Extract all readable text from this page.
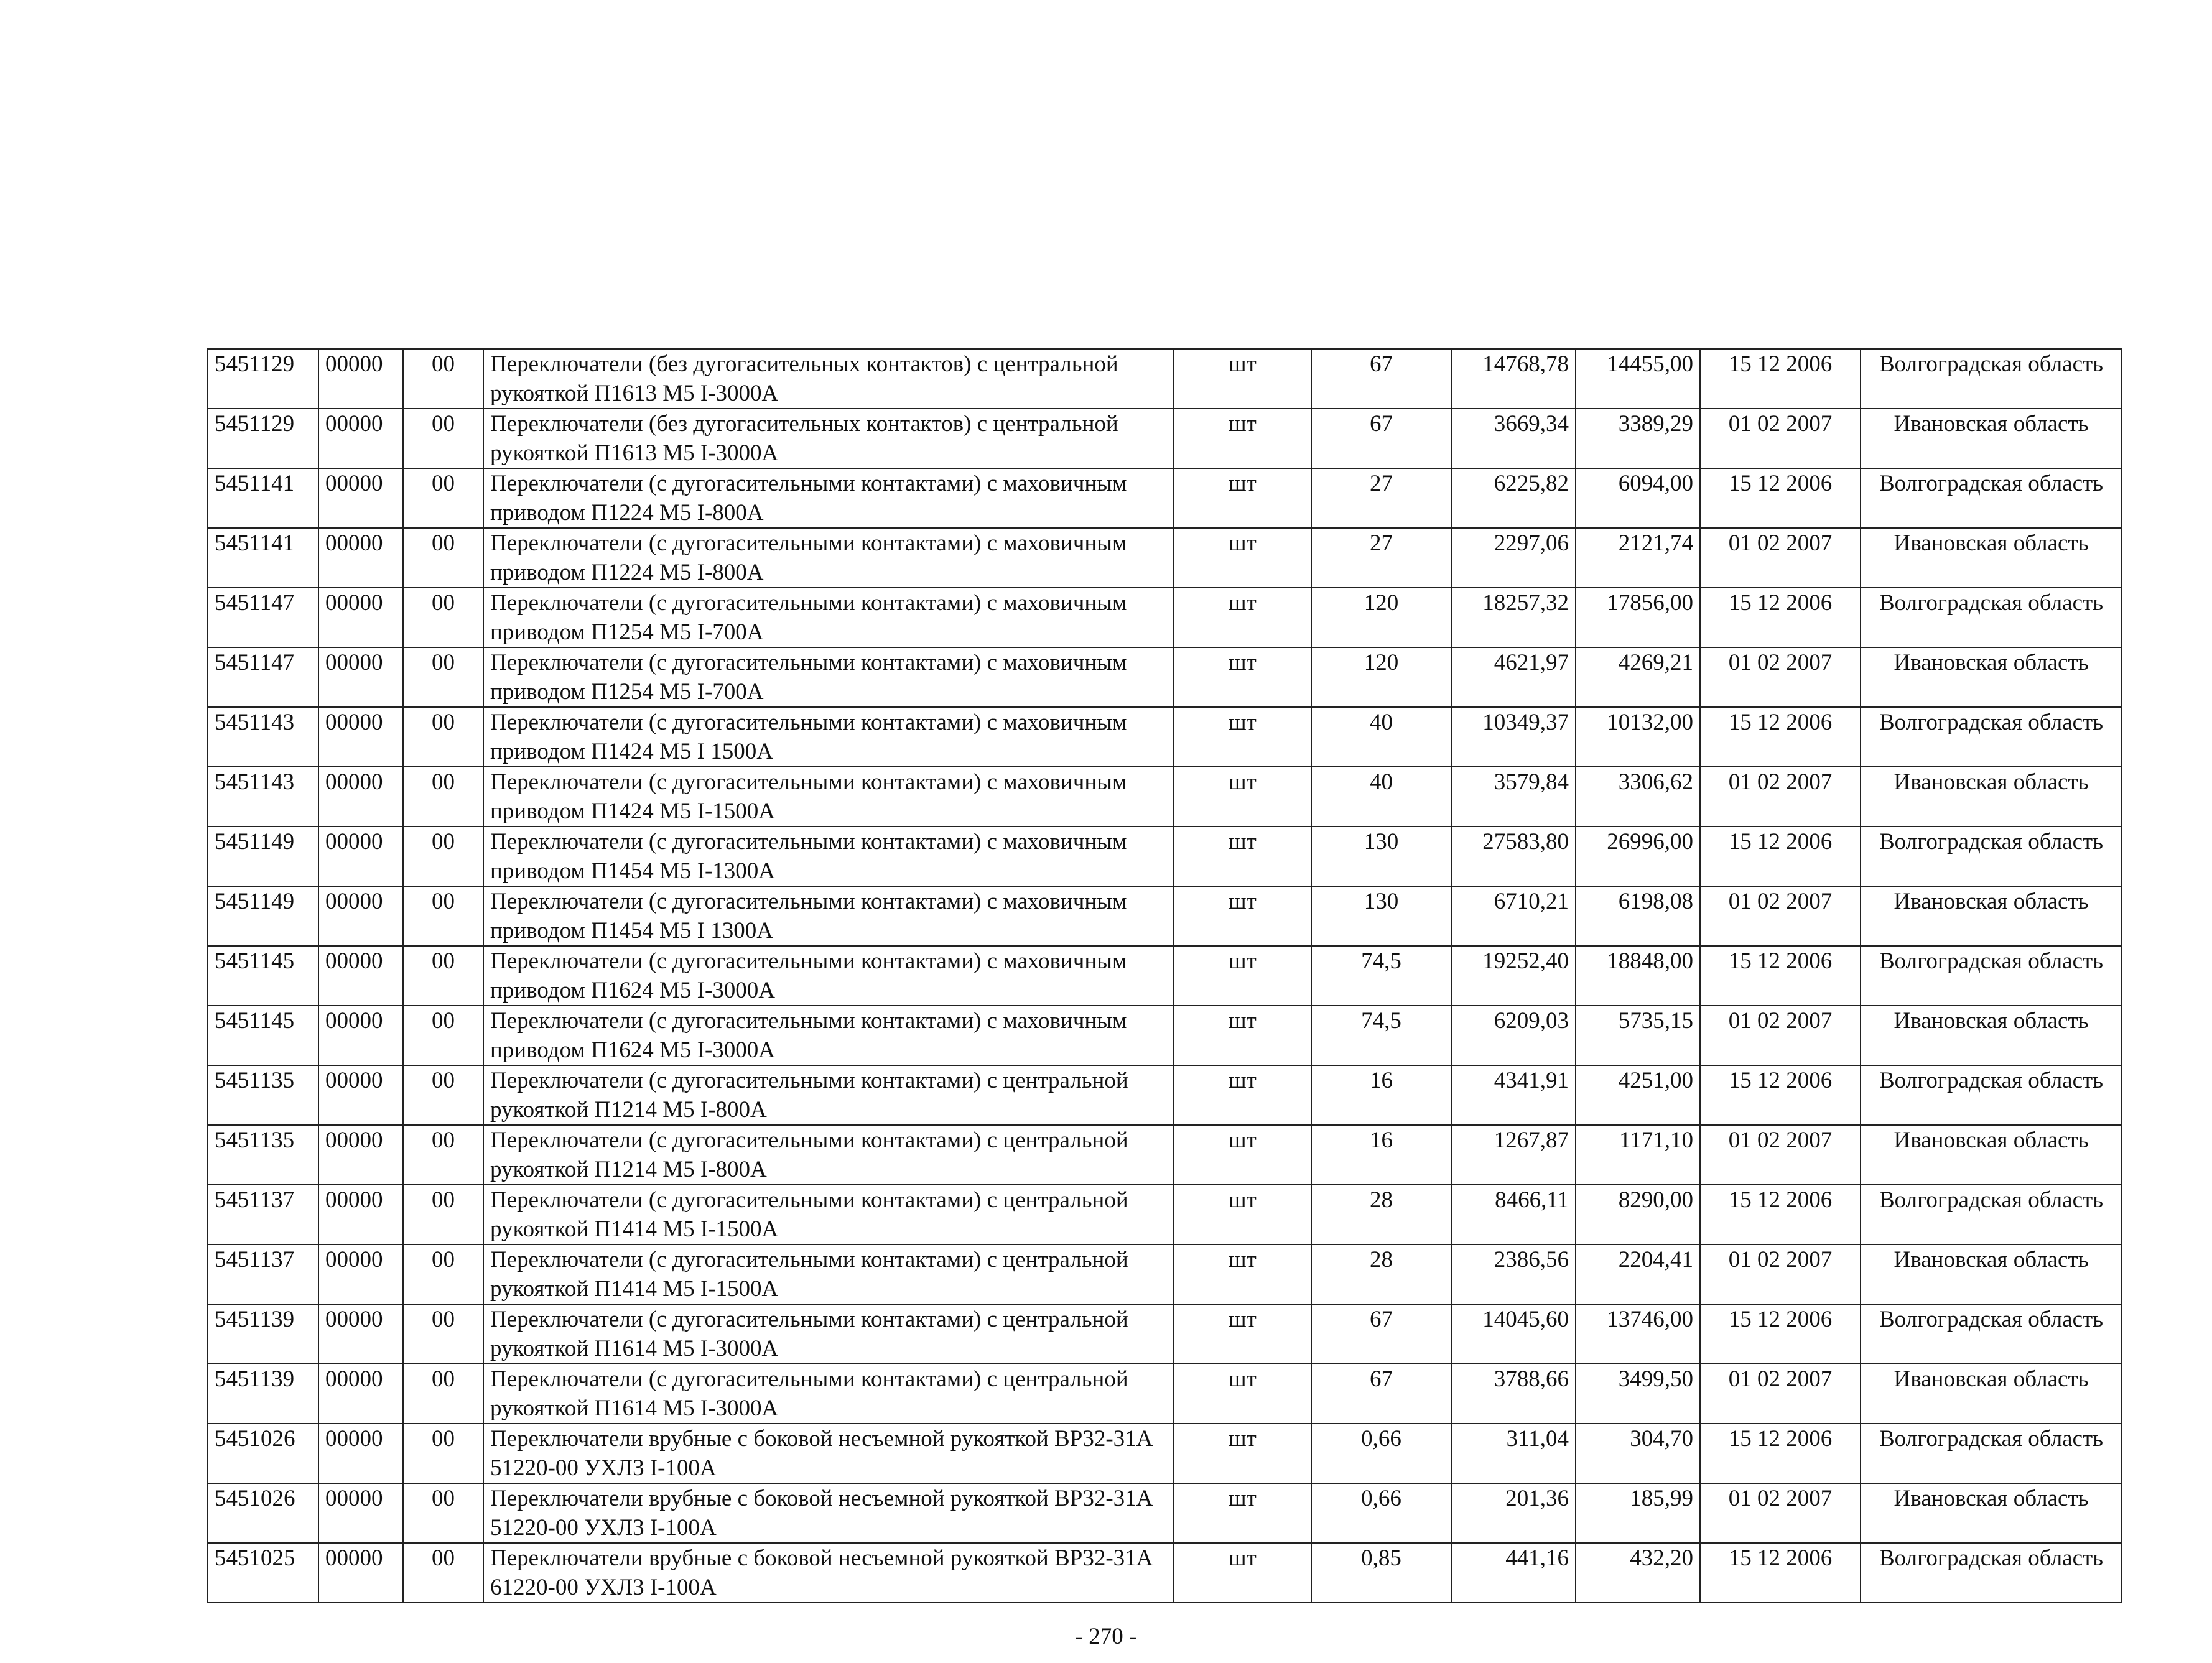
5451129	00000	00	Переключатели (без дугогасительных контактов) с центральной рукояткой П1613 М5 I-3000А	шт	67	14768,78	14455,00	15 12 2006	Волгоградская область
5451129	00000	00	Переключатели (без дугогасительных контактов) с центральной рукояткой П1613 М5 I-3000А	шт	67	3669,34	3389,29	01 02 2007	Ивановская область
5451141	00000	00	Переключатели (с дугогасительными контактами) с маховичным приводом П1224 М5 I-800А	шт	27	6225,82	6094,00	15 12 2006	Волгоградская область
5451141	00000	00	Переключатели (с дугогасительными контактами) с маховичным приводом П1224 М5 I-800А	шт	27	2297,06	2121,74	01 02 2007	Ивановская область
5451147	00000	00	Переключатели (с дугогасительными контактами) с маховичным приводом П1254 М5 I-700А	шт	120	18257,32	17856,00	15 12 2006	Волгоградская область
5451147	00000	00	Переключатели (с дугогасительными контактами) с маховичным приводом П1254 М5 I-700А	шт	120	4621,97	4269,21	01 02 2007	Ивановская область
5451143	00000	00	Переключатели (с дугогасительными контактами) с маховичным приводом П1424 М5 I 1500А	шт	40	10349,37	10132,00	15 12 2006	Волгоградская область
5451143	00000	00	Переключатели (с дугогасительными контактами) с маховичным приводом П1424 М5 I-1500А	шт	40	3579,84	3306,62	01 02 2007	Ивановская область
5451149	00000	00	Переключатели (с дугогасительными контактами) с маховичным приводом П1454 М5 I-1300А	шт	130	27583,80	26996,00	15 12 2006	Волгоградская область
5451149	00000	00	Переключатели (с дугогасительными контактами) с маховичным приводом П1454 М5 I 1300А	шт	130	6710,21	6198,08	01 02 2007	Ивановская область
5451145	00000	00	Переключатели (с дугогасительными контактами) с маховичным приводом П1624 М5 I-3000А	шт	74,5	19252,40	18848,00	15 12 2006	Волгоградская область
5451145	00000	00	Переключатели (с дугогасительными контактами) с маховичным приводом П1624 М5 I-3000А	шт	74,5	6209,03	5735,15	01 02 2007	Ивановская область
5451135	00000	00	Переключатели (с дугогасительными контактами) с центральной рукояткой П1214 М5 I-800А	шт	16	4341,91	4251,00	15 12 2006	Волгоградская область
5451135	00000	00	Переключатели (с дугогасительными контактами) с центральной рукояткой П1214 М5 I-800А	шт	16	1267,87	1171,10	01 02 2007	Ивановская область
5451137	00000	00	Переключатели (с дугогасительными контактами) с центральной рукояткой П1414 М5 I-1500А	шт	28	8466,11	8290,00	15 12 2006	Волгоградская область
5451137	00000	00	Переключатели (с дугогасительными контактами) с центральной рукояткой П1414 М5 I-1500А	шт	28	2386,56	2204,41	01 02 2007	Ивановская область
5451139	00000	00	Переключатели (с дугогасительными контактами) с центральной рукояткой П1614 М5 I-3000А	шт	67	14045,60	13746,00	15 12 2006	Волгоградская область
5451139	00000	00	Переключатели (с дугогасительными контактами) с центральной рукояткой П1614 М5 I-3000А	шт	67	3788,66	3499,50	01 02 2007	Ивановская область
5451026	00000	00	Переключатели врубные с боковой несъемной рукояткой ВР32-31А 51220-00 УХЛ3 I-100А	шт	0,66	311,04	304,70	15 12 2006	Волгоградская область
5451026	00000	00	Переключатели врубные с боковой несъемной рукояткой ВР32-31А 51220-00 УХЛ3 I-100А	шт	0,66	201,36	185,99	01 02 2007	Ивановская область
5451025	00000	00	Переключатели врубные с боковой несъемной рукояткой ВР32-31А 61220-00 УХЛ3 I-100А	шт	0,85	441,16	432,20	15 12 2006	Волгоградская область
- 270 -
